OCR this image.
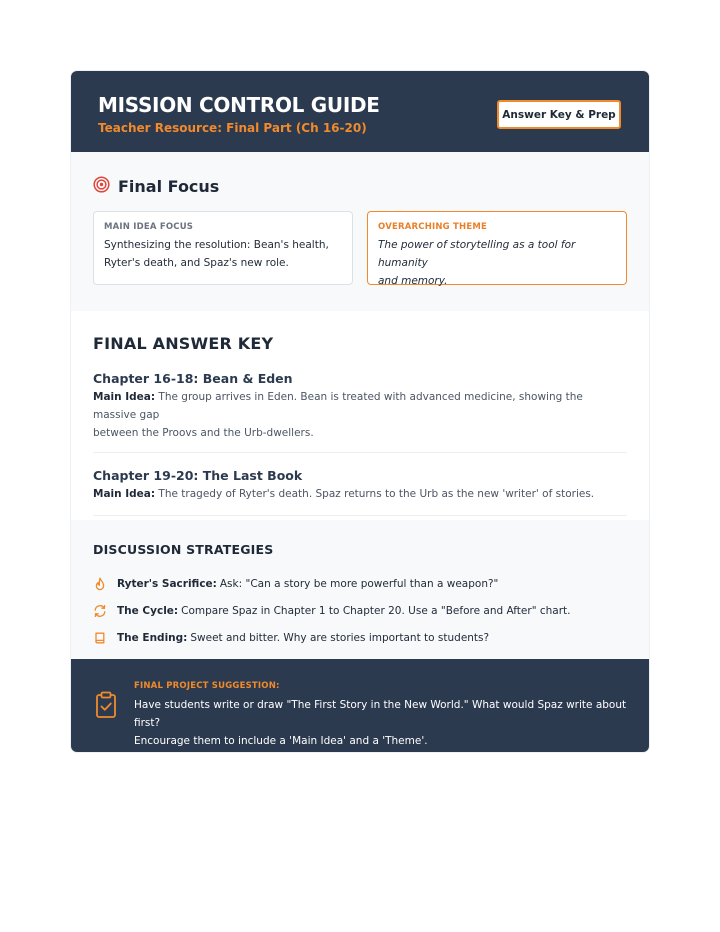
MISSION CONTROL GUIDE
Teacher Resource: Final Part (Ch 16-20)
Answer Key & Prep
Final Focus
MAIN IDEA FOCUS
Synthesizing the resolution: Bean's health,
Ryter's death, and Spaz's new role.
OVERARCHING THEME
The power of storytelling as a tool for humanity
and memory.
FINAL ANSWER KEY
Chapter 16-18: Bean & Eden
Main Idea: The group arrives in Eden. Bean is treated with advanced medicine, showing the massive gap
between the Proovs and the Urb-dwellers.
Chapter 19-20: The Last Book
Main Idea: The tragedy of Ryter's death. Spaz returns to the Urb as the new 'writer' of stories.
DISCUSSION STRATEGIES
Ryter's Sacrifice: Ask: "Can a story be more powerful than a weapon?"
The Cycle: Compare Spaz in Chapter 1 to Chapter 20. Use a "Before and After" chart.
The Ending: Sweet and bitter. Why are stories important to students?
FINAL PROJECT SUGGESTION:
Have students write or draw "The First Story in the New World." What would Spaz write about first?
Encourage them to include a 'Main Idea' and a 'Theme'.
